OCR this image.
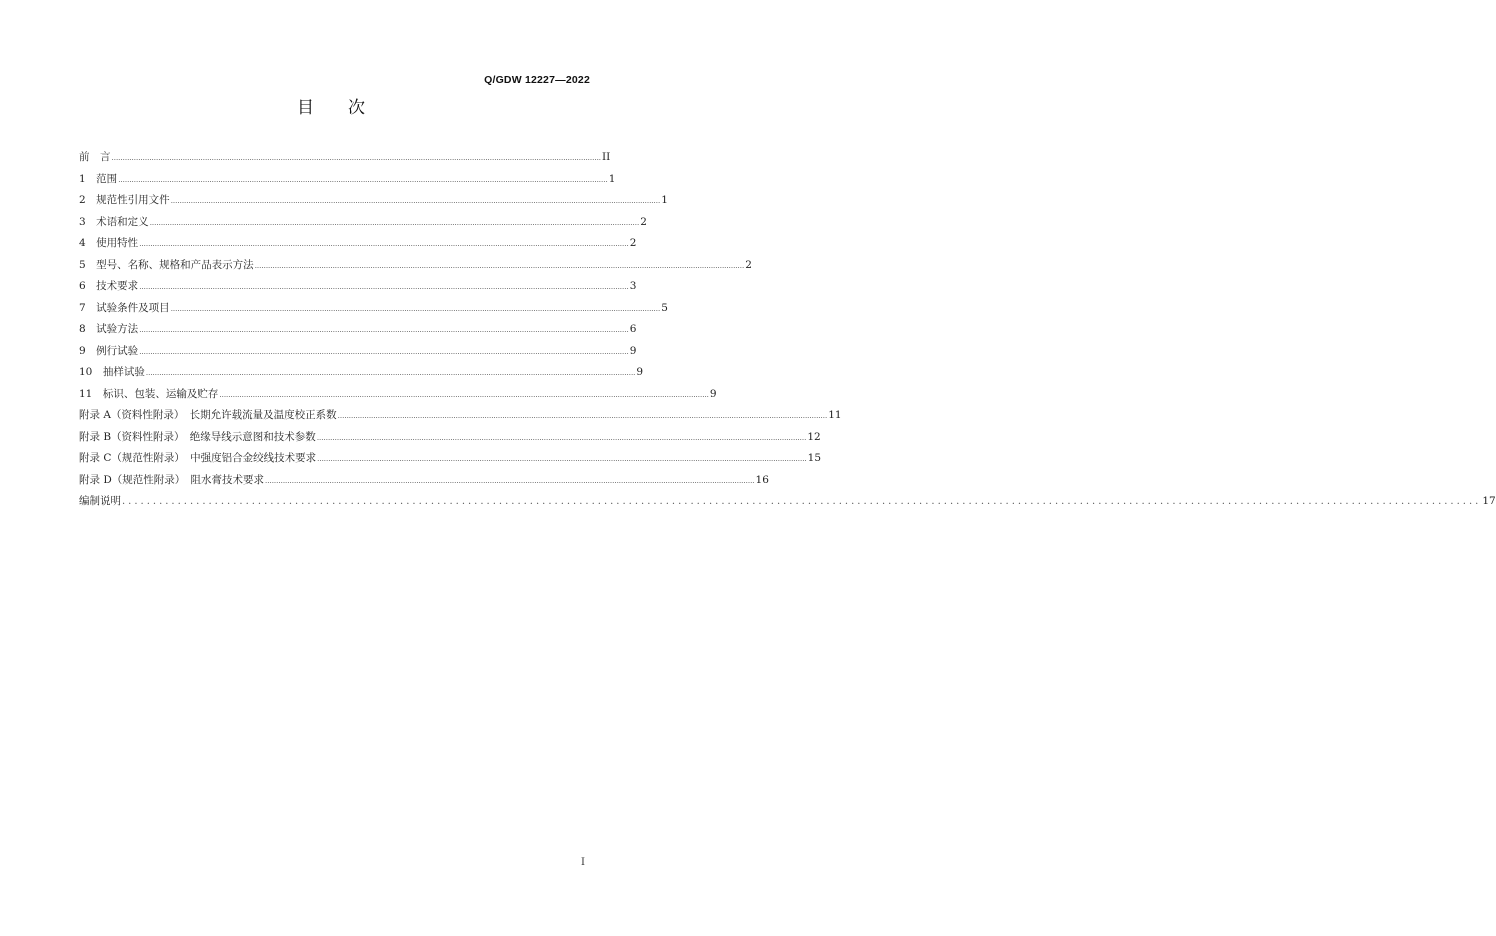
Q/GDW 12227—2022
目次
前　言 ............................................................................................................................................................................................................................ II
1　范围 ............................................................................................................................................................................................................................ 1
2　规范性引用文件 ............................................................................................................................................................................................................................ 1
3　术语和定义 ............................................................................................................................................................................................................................ 2
4　使用特性 ............................................................................................................................................................................................................................ 2
5　型号、名称、规格和产品表示方法 ............................................................................................................................................................................................................................ 2
6　技术要求 ............................................................................................................................................................................................................................ 3
7　试验条件及项目 ............................................................................................................................................................................................................................ 5
8　试验方法 ............................................................................................................................................................................................................................ 6
9　例行试验 ............................................................................................................................................................................................................................ 9
10　抽样试验 ............................................................................................................................................................................................................................ 9
11　标识、包装、运输及贮存 ............................................................................................................................................................................................................................ 9
附录 A（资料性附录）　长期允许载流量及温度校正系数 ............................................................................................................................................................................................................................ 11
附录 B（资料性附录）　绝缘导线示意图和技术参数 ............................................................................................................................................................................................................................ 12
附录 C（规范性附录）　中强度铝合金绞线技术要求 ............................................................................................................................................................................................................................ 15
附录 D（规范性附录）　阻水膏技术要求 ............................................................................................................................................................................................................................ 16
编制说明 ............................................................................................................................................................................................................................ 17
I
